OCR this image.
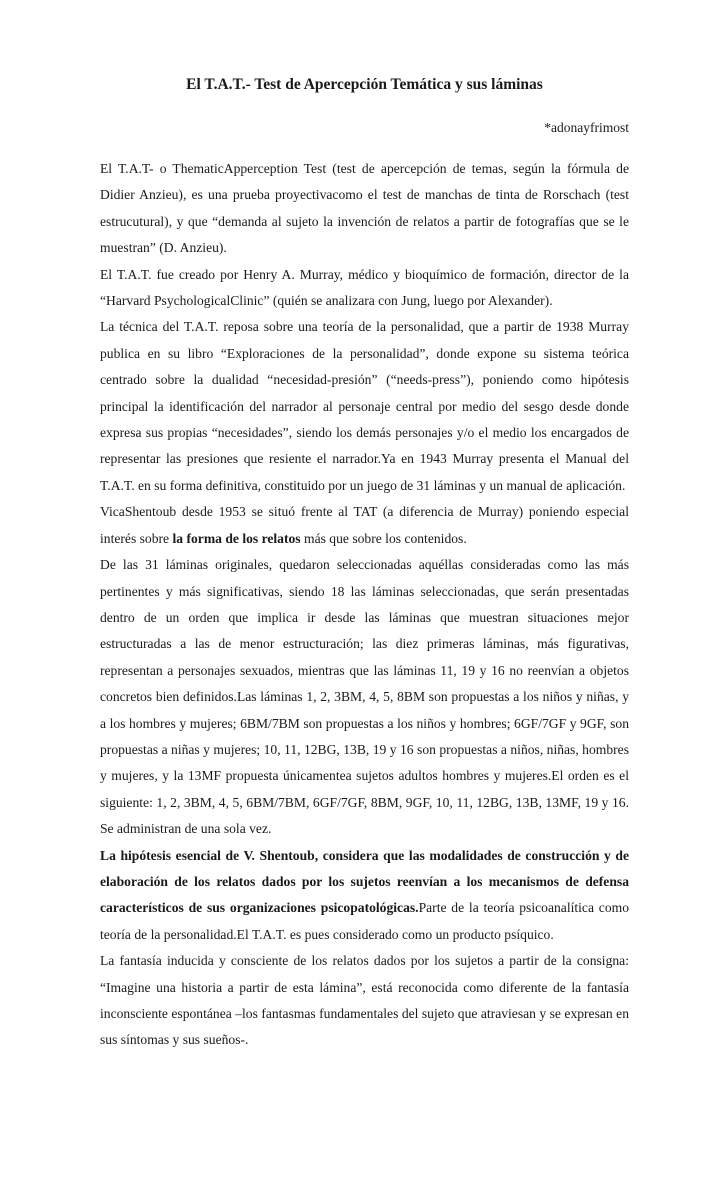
El T.A.T.- Test de Apercepción Temática y sus láminas
*adonayfrimost

El T.A.T- o ThematicApperception Test (test de apercepción de temas, según la fórmula de Didier Anzieu), es una prueba proyectivacomo el test de manchas de tinta de Rorschach (test estrucutural), y que “demanda al sujeto la invención de relatos a partir de fotografías que se le muestran” (D. Anzieu).

El T.A.T. fue creado por Henry A. Murray, médico y bioquímico de formación, director de la “Harvard PsychologicalClinic” (quién se analizara con Jung, luego por Alexander).

La técnica del T.A.T. reposa sobre una teoría de la personalidad, que a partir de 1938 Murray publica en su libro “Exploraciones de la personalidad”, donde expone su sistema teórica centrado sobre la dualidad “necesidad-presión” (“needs-press”), poniendo como hipótesis principal la identificación del narrador al personaje central por medio del sesgo desde donde expresa sus propias “necesidades”, siendo los demás personajes y/o el medio los encargados de representar las presiones que resiente el narrador.Ya en 1943 Murray presenta el Manual del T.A.T. en su forma definitiva, constituido por un juego de 31 láminas y un manual de aplicación.

VicaShentoub desde 1953 se situó frente al TAT (a diferencia de Murray) poniendo especial interés sobre la forma de los relatos más que sobre los contenidos.

De las 31 láminas originales, quedaron seleccionadas aquéllas consideradas como las más pertinentes y más significativas, siendo 18 las láminas seleccionadas, que serán presentadas dentro de un orden que implica ir desde las láminas que muestran situaciones mejor estructuradas a las de menor estructuración; las diez primeras láminas, más figurativas, representan a personajes sexuados, mientras que las láminas 11, 19 y 16 no reenvían a objetos concretos bien definidos.Las láminas 1, 2, 3BM, 4, 5, 8BM son propuestas a los niños y niñas, y a los hombres y mujeres; 6BM/7BM son propuestas a los niños y hombres; 6GF/7GF y 9GF, son propuestas a niñas y mujeres; 10, 11, 12BG, 13B, 19 y 16 son propuestas a niños, niñas, hombres y mujeres, y la 13MF propuesta únicamentea sujetos adultos hombres y mujeres.El orden es el siguiente: 1, 2, 3BM, 4, 5, 6BM/7BM, 6GF/7GF, 8BM, 9GF, 10, 11, 12BG, 13B, 13MF, 19 y 16. Se administran de una sola vez.

La hipótesis esencial de V. Shentoub, considera que las modalidades de construcción y de elaboración de los relatos dados por los sujetos reenvían a los mecanismos de defensa característicos de sus organizaciones psicopatológicas.Parte de la teoría psicoanalítica como teoría de la personalidad.El T.A.T. es pues considerado como un producto psíquico.

La fantasía inducida y consciente de los relatos dados por los sujetos a partir de la consigna: “Imagine una historia a partir de esta lámina”, está reconocida como diferente de la fantasía inconsciente espontánea –los fantasmas fundamentales del sujeto que atraviesan y se expresan en sus síntomas y sus sueños-.
